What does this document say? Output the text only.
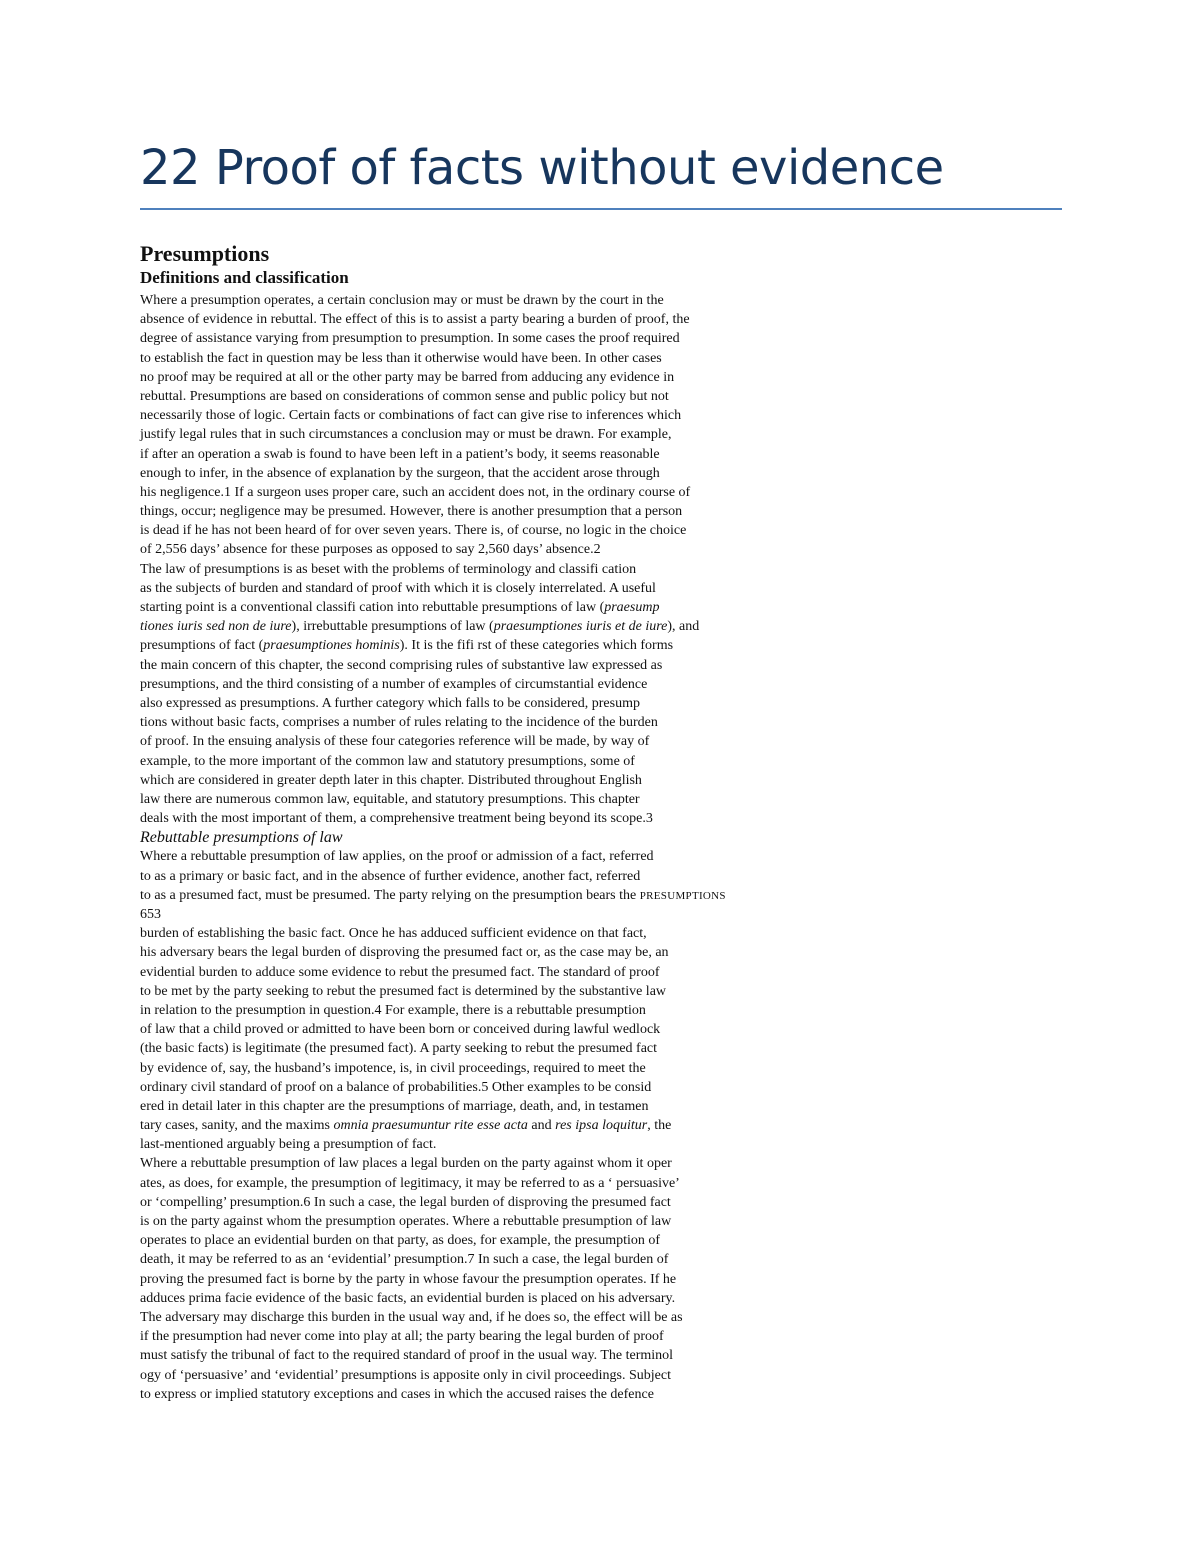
22 Proof of facts without evidence
Presumptions
Definitions and classification
Where a presumption operates, a certain conclusion may or must be drawn by the court in the
absence of evidence in rebuttal. The effect of this is to assist a party bearing a burden of proof, the
degree of assistance varying from presumption to presumption. In some cases the proof required
to establish the fact in question may be less than it otherwise would have been. In other cases
no proof may be required at all or the other party may be barred from adducing any evidence in
rebuttal. Presumptions are based on considerations of common sense and public policy but not
necessarily those of logic. Certain facts or combinations of fact can give rise to inferences which
justify legal rules that in such circumstances a conclusion may or must be drawn. For example,
if after an operation a swab is found to have been left in a patient’s body, it seems reasonable
enough to infer, in the absence of explanation by the surgeon, that the accident arose through
his negligence.1 If a surgeon uses proper care, such an accident does not, in the ordinary course of
things, occur; negligence may be presumed. However, there is another presumption that a person
is dead if he has not been heard of for over seven years. There is, of course, no logic in the choice
of 2,556 days’ absence for these purposes as opposed to say 2,560 days’ absence.2
The law of presumptions is as beset with the problems of terminology and classifi cation
as the subjects of burden and standard of proof with which it is closely interrelated. A useful
starting point is a conventional classifi cation into rebuttable presumptions of law (praesump
tiones iuris sed non de iure), irrebuttable presumptions of law (praesumptiones iuris et de iure), and
presumptions of fact (praesumptiones hominis). It is the fifi rst of these categories which forms
the main concern of this chapter, the second comprising rules of substantive law expressed as
presumptions, and the third consisting of a number of examples of circumstantial evidence
also expressed as presumptions. A further category which falls to be considered, presump
tions without basic facts, comprises a number of rules relating to the incidence of the burden
of proof. In the ensuing analysis of these four categories reference will be made, by way of
example, to the more important of the common law and statutory presumptions, some of
which are considered in greater depth later in this chapter. Distributed throughout English
law there are numerous common law, equitable, and statutory presumptions. This chapter
deals with the most important of them, a comprehensive treatment being beyond its scope.3
Rebuttable presumptions of law
Where a rebuttable presumption of law applies, on the proof or admission of a fact, referred
to as a primary or basic fact, and in the absence of further evidence, another fact, referred
to as a presumed fact, must be presumed. The party relying on the presumption bears the PRESUMPTIONS
653
burden of establishing the basic fact. Once he has adduced sufficient evidence on that fact,
his adversary bears the legal burden of disproving the presumed fact or, as the case may be, an
evidential burden to adduce some evidence to rebut the presumed fact. The standard of proof
to be met by the party seeking to rebut the presumed fact is determined by the substantive law
in relation to the presumption in question.4 For example, there is a rebuttable presumption
of law that a child proved or admitted to have been born or conceived during lawful wedlock
(the basic facts) is legitimate (the presumed fact). A party seeking to rebut the presumed fact
by evidence of, say, the husband’s impotence, is, in civil proceedings, required to meet the
ordinary civil standard of proof on a balance of probabilities.5 Other examples to be consid
ered in detail later in this chapter are the presumptions of marriage, death, and, in testamen
tary cases, sanity, and the maxims omnia praesumuntur rite esse acta and res ipsa loquitur, the
last-mentioned arguably being a presumption of fact.
Where a rebuttable presumption of law places a legal burden on the party against whom it oper
ates, as does, for example, the presumption of legitimacy, it may be referred to as a ‘ persuasive’
or ‘compelling’ presumption.6 In such a case, the legal burden of disproving the presumed fact
is on the party against whom the presumption operates. Where a rebuttable presumption of law
operates to place an evidential burden on that party, as does, for example, the presumption of
death, it may be referred to as an ‘evidential’ presumption.7 In such a case, the legal burden of
proving the presumed fact is borne by the party in whose favour the presumption operates. If he
adduces prima facie evidence of the basic facts, an evidential burden is placed on his adversary.
The adversary may discharge this burden in the usual way and, if he does so, the effect will be as
if the presumption had never come into play at all; the party bearing the legal burden of proof
must satisfy the tribunal of fact to the required standard of proof in the usual way. The terminol
ogy of ‘persuasive’ and ‘evidential’ presumptions is apposite only in civil proceedings. Subject
to express or implied statutory exceptions and cases in which the accused raises the defence
